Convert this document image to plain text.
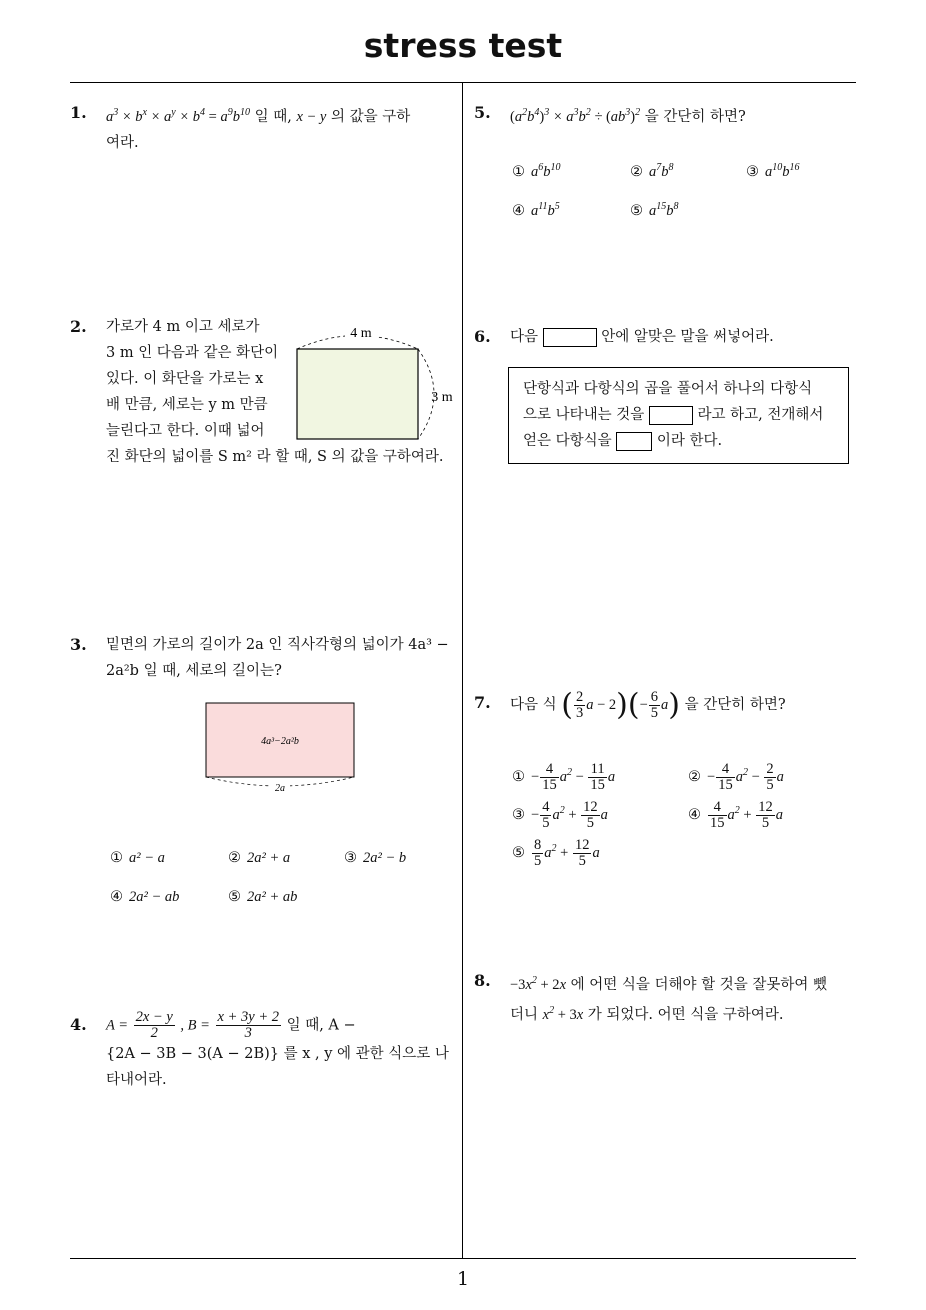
stress test
1
1. $a^3 \times b^x \times a^y \times b^4 = a^9b^{10}$ 일 때, x − y 의 값을 구하
여라.
2. 가로가 4 m 이고 세로가
3 m 인 다음과 같은 화단이
있다. 이 화단을 가로는 x
배 만큼, 세로는 y m 만큼
늘린다고 한다. 이때 넓어
진 화단의 넓이를 S m² 라 할 때, S 의 값을 구하여라.
4 m
3 m
3. 밑면의 가로의 길이가 2a 인 직사각형의 넓이가 4a³ −
2a²b 일 때, 세로의 길이는?
4a³−2a²b
2a
① a² − a	② 2a² + a	③ 2a² − b
④ 2a² − ab	⑤ 2a² + ab
4. $A = \frac{2x - y}{2}$ , $B = \frac{x + 3y + 2}{3}$ 일 때, A −
{2A − 3B − 3(A − 2B)} 를 x , y 에 관한 식으로 나
타내어라.
5. $(a^2b^4)^3 \times a^3b^2 \div (ab^3)^2$ 을 간단히 하면?
① $a^6b^{10}$	② $a^7b^8$	③ $a^{10}b^{16}$
④ $a^{11}b^5$	⑤ $a^{15}b^8$
6. 다음	안에 알맞은 말을 써넣어라.
단항식과 다항식의 곱을 풀어서 하나의 다항식
으로 나타내는 것을	라고 하고, 전개해서
얻은 다항식을	이라 한다.
7. 다음 식 ( $\frac{2}{3}$ $a - 2)(- \frac{6}{5} a)$ 을 간단히 하면?
① − $\frac{4}{15} a^2 - \frac{11}{15}$ a	② − $\frac{4}{15} a^2 - \frac{2}{5}$ a
③ − $\frac{4}{5} a^2 + \frac{12}{5}$ a	④ $\frac{4}{15} a^2 + \frac{12}{5}$ a
⑤ $\frac{8}{5} a^2 + \frac{12}{5}$ a
8. $-3x^2 + 2x$ 에 어떤 식을 더해야 할 것을 잘못하여 뺐
더니 $x^2 + 3x$ 가 되었다. 어떤 식을 구하여라.
